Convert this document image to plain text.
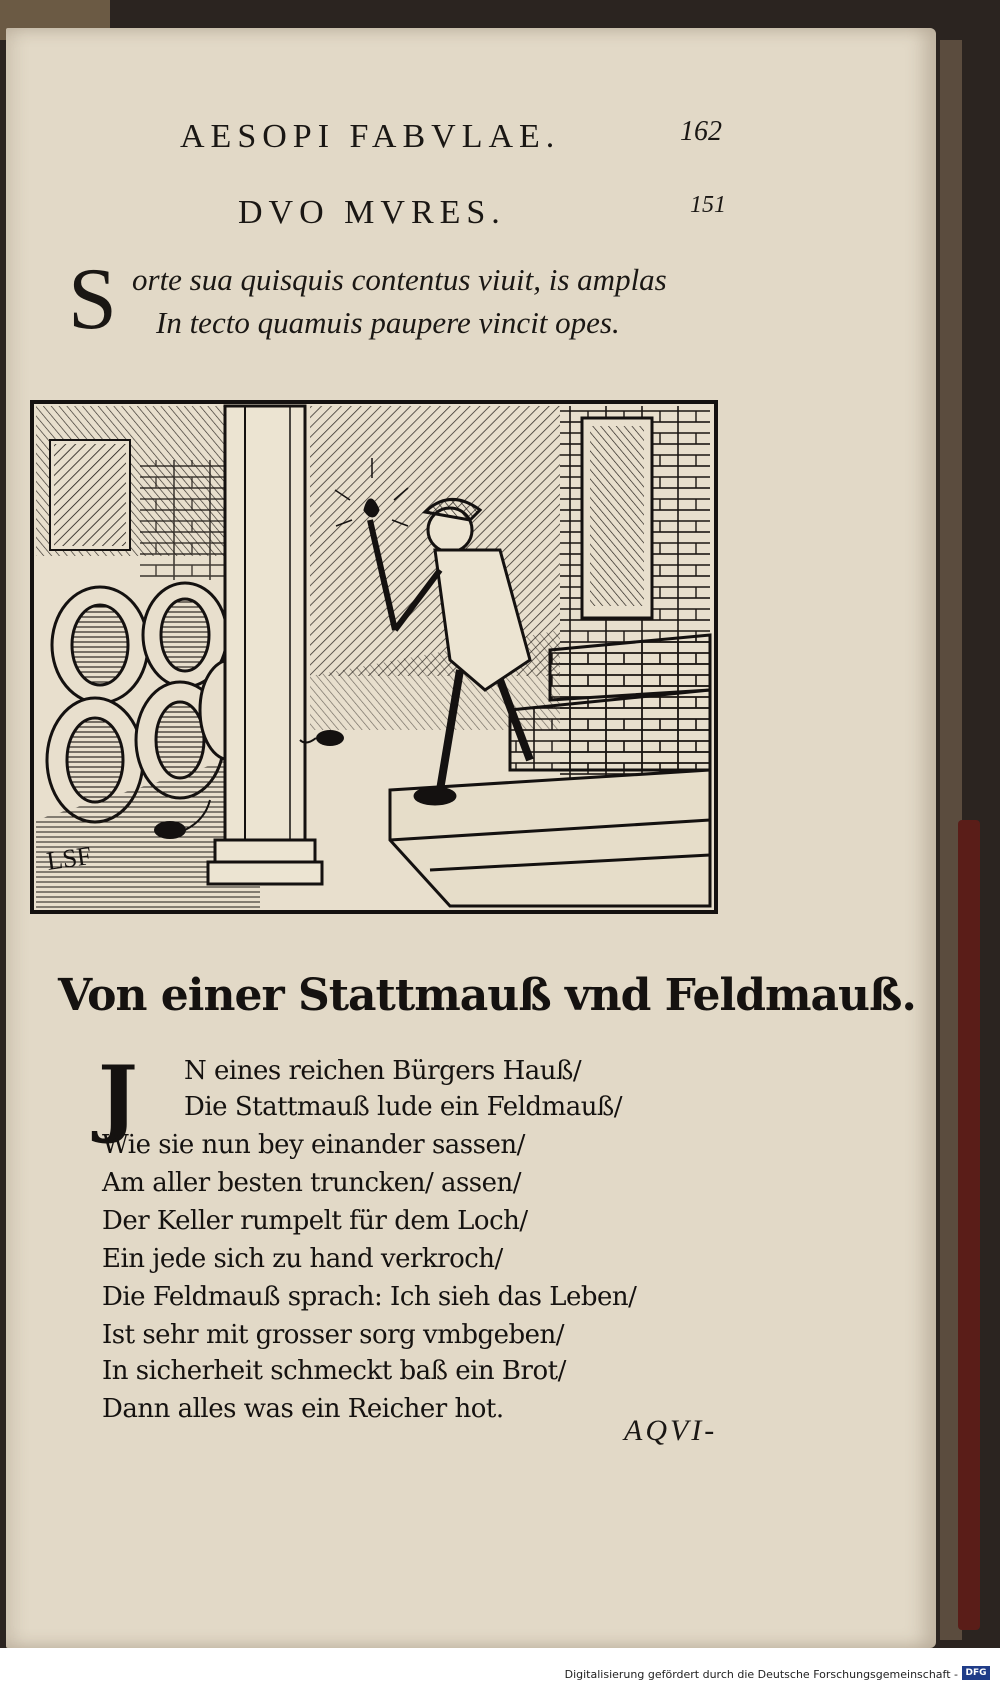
AESOPI FABVLAE.	162
DVO MVRES.	151
S orte sua quisquis contentus viuit, is amplas
In tecto quamuis paupere vincit opes.
LSF
Von einer Stattmauß vnd Feldmauß.
J N eines reichen Bürgers Hauß/
Die Stattmauß lude ein Feldmauß/
Wie sie nun bey einander sassen/
Am aller besten truncken/ assen/
Der Keller rumpelt für dem Loch/
Ein jede sich zu hand verkroch/
Die Feldmauß sprach: Ich sieh das Leben/
Ist sehr mit grosser sorg vmbgeben/
In sicherheit schmeckt baß ein Brot/
Dann alles was ein Reicher hot.
AQVI-
Digitalisierung gefördert durch die Deutsche Forschungsgemeinschaft - DFG
